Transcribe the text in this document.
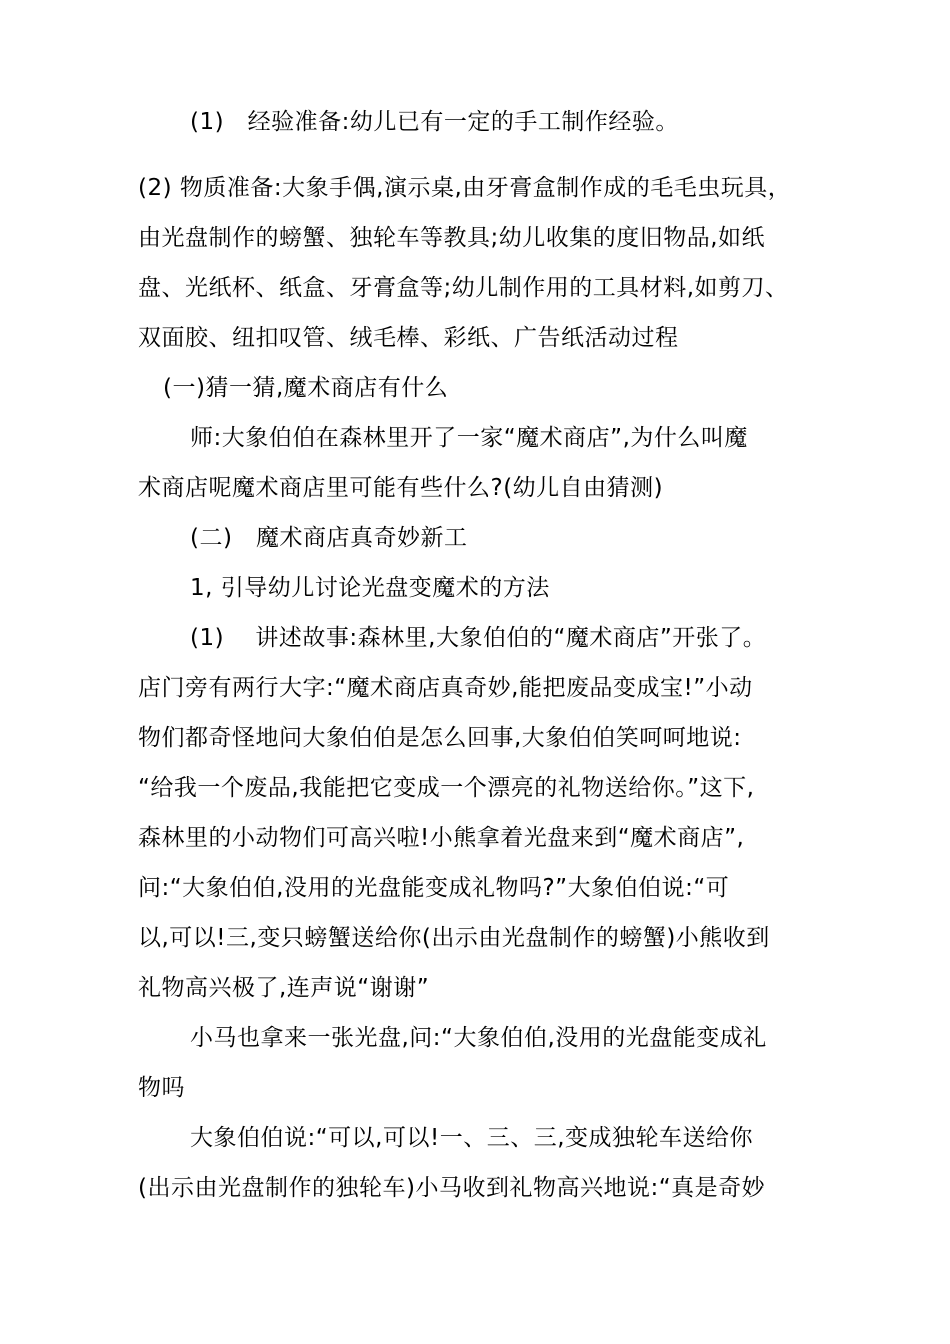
(1)　经验准备:幼儿已有一定的手工制作经验。
(2) 物质准备:大象手偶,演示桌,由牙膏盒制作成的毛毛虫玩具，
由光盘制作的螃蟹、独轮车等教具;幼儿收集的度旧物品,如纸
盘、光纸杯、纸盒、牙膏盒等;幼儿制作用的工具材料,如剪刀、
双面胶、纽扣叹管、绒毛棒、彩纸、广告纸活动过程
(一)猜一猜,魔术商店有什么
师:大象伯伯在森林里开了一家“魔术商店”,为什么叫魔
术商店呢魔术商店里可能有些什么?(幼儿自由猜测)
(二)　魔术商店真奇妙新工
1, 引导幼儿讨论光盘变魔术的方法
(1)　 讲述故事:森林里,大象伯伯的“魔术商店”开张了。
店门旁有两行大字:“魔术商店真奇妙,能把废品变成宝!”小动
物们都奇怪地问大象伯伯是怎么回事,大象伯伯笑呵呵地说:
“给我一个废品,我能把它变成一个漂亮的礼物送给你。”这下,
森林里的小动物们可高兴啦!小熊拿着光盘来到“魔术商店”,
问:“大象伯伯,没用的光盘能变成礼物吗?”大象伯伯说:“可
以,可以!三,变只螃蟹送给你(出示由光盘制作的螃蟹)小熊收到
礼物高兴极了,连声说“谢谢”
小马也拿来一张光盘,问:“大象伯伯,没用的光盘能变成礼
物吗
大象伯伯说:“可以,可以!一、三、三,变成独轮车送给你
(出示由光盘制作的独轮车)小马收到礼物高兴地说:“真是奇妙
